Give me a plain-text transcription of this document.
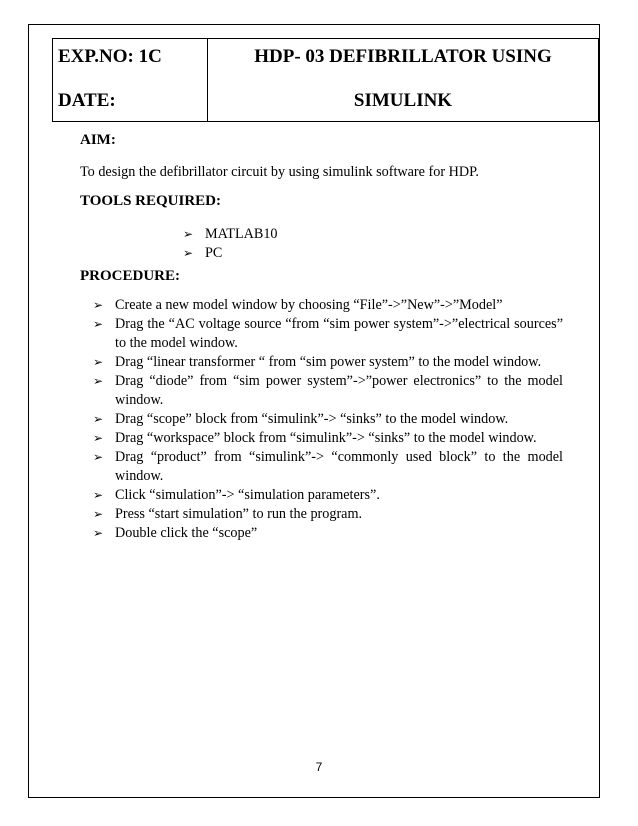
EXP.NO: 1C
DATE:
HDP- 03 DEFIBRILLATOR USING
SIMULINK
AIM:
To design the defibrillator circuit by using simulink software for HDP.
TOOLS REQUIRED:
➢ MATLAB10
➢ PC
PROCEDURE:
➢ Create a new model window by choosing “File”->”New”->”Model”
➢ Drag the “AC voltage source “from “sim power system”->”electrical sources” to the model window.
➢ Drag “linear transformer “ from “sim power system” to the model window.
➢ Drag “diode” from “sim power system”->”power electronics” to the model window.
➢ Drag “scope” block from “simulink”-> “sinks” to the model window.
➢ Drag “workspace” block from “simulink”-> “sinks” to the model window.
➢ Drag “product” from “simulink”-> “commonly used block” to the model window.
➢ Click “simulation”-> “simulation parameters”.
➢ Press “start simulation” to run the program.
➢ Double click the “scope”
7
